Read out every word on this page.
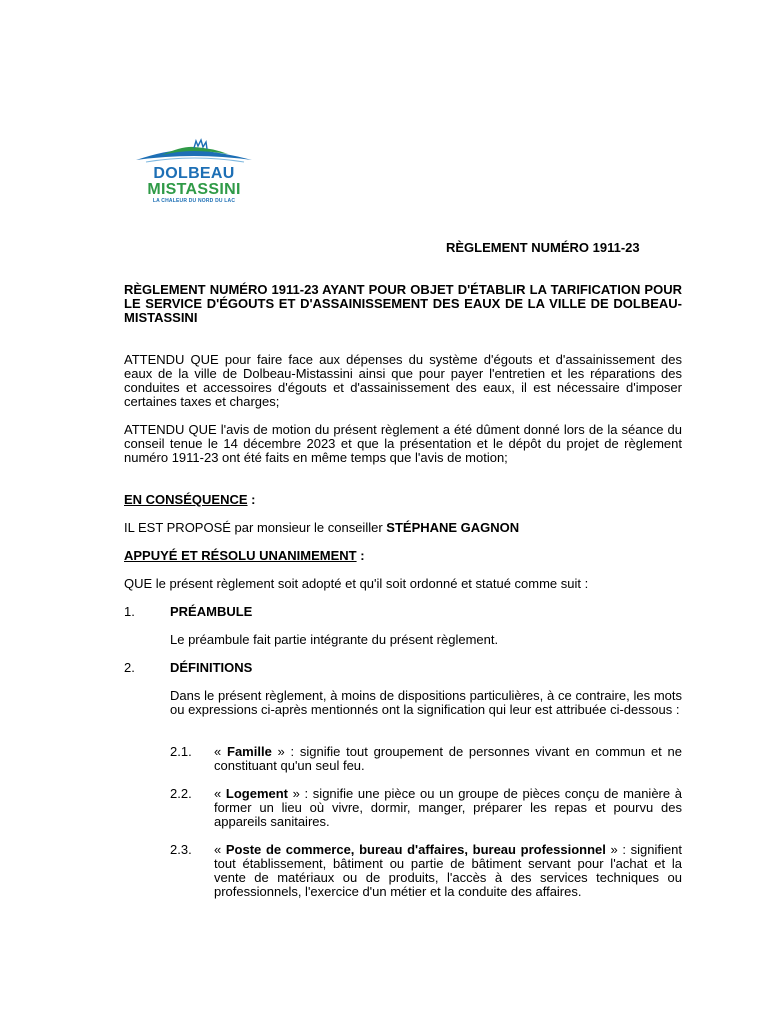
DOLBEAU
MISTASSINI
LA CHALEUR DU NORD DU LAC
RÈGLEMENT NUMÉRO 1911-23
RÈGLEMENT NUMÉRO 1911-23 AYANT POUR OBJET D'ÉTABLIR LA TARIFICATION POUR LE SERVICE D'ÉGOUTS ET D'ASSAINISSEMENT DES EAUX DE LA VILLE DE DOLBEAU-MISTASSINI
ATTENDU QUE pour faire face aux dépenses du système d'égouts et d'assainissement des eaux de la ville de Dolbeau-Mistassini ainsi que pour payer l'entretien et les réparations des conduites et accessoires d'égouts et d'assainissement des eaux, il est nécessaire d'imposer certaines taxes et charges;
ATTENDU QUE l'avis de motion du présent règlement a été dûment donné lors de la séance du conseil tenue le 14 décembre 2023 et que la présentation et le dépôt du projet de règlement numéro 1911-23 ont été faits en même temps que l'avis de motion;
EN CONSÉQUENCE :
IL EST PROPOSÉ par monsieur le conseiller STÉPHANE GAGNON
APPUYÉ ET RÉSOLU UNANIMEMENT :
QUE le présent règlement soit adopté et qu'il soit ordonné et statué comme suit :
1.	PRÉAMBULE
Le préambule fait partie intégrante du présent règlement.
2.	DÉFINITIONS
Dans le présent règlement, à moins de dispositions particulières, à ce contraire, les mots ou expressions ci-après mentionnés ont la signification qui leur est attribuée ci-dessous :
2.1. « Famille » : signifie tout groupement de personnes vivant en commun et ne constituant qu'un seul feu.
2.2. « Logement » : signifie une pièce ou un groupe de pièces conçu de manière à former un lieu où vivre, dormir, manger, préparer les repas et pourvu des appareils sanitaires.
2.3. « Poste de commerce, bureau d'affaires, bureau professionnel » : signifient tout établissement, bâtiment ou partie de bâtiment servant pour l'achat et la vente de matériaux ou de produits, l'accès à des services techniques ou professionnels, l'exercice d'un métier et la conduite des affaires.
